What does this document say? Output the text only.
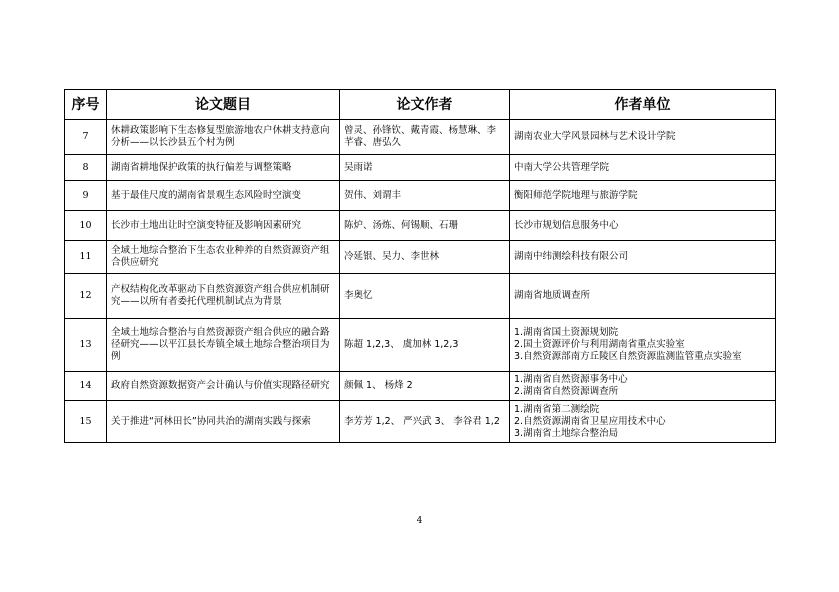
序号	论文题目	论文作者	作者单位
7	休耕政策影响下生态修复型旅游地农户休耕支持意向分析——以长沙县五个村为例	曾灵、孙锋钦、戴青霞、杨慧琳、李芊睿、唐弘久	湖南农业大学风景园林与艺术设计学院

8	湖南省耕地保护政策的执行偏差与调整策略	吴雨诺	中南大学公共管理学院

9	基于最佳尺度的湖南省景观生态风险时空演变	贺伟、刘谓丰	衡阳师范学院地理与旅游学院

10	长沙市土地出让时空演变特征及影响因素研究	陈炉、汤炼、何锡顺、石珊	长沙市规划信息服务中心

11	全域土地综合整治下生态农业种养的自然资源资产组合供应研究	冷延银、吴力、李世林	湖南中纬测绘科技有限公司

12	产权结构化改革驱动下自然资源资产组合供应机制研究——以所有者委托代理机制试点为背景	李奥忆	湖南省地质调查所

13	全域土地综合整治与自然资源资产组合供应的融合路径研究——以平江县长寿镇全域土地综合整治项目为例	陈超 1,2,3、 虞加林 1,2,3	1.湖南省国土资源规划院
2.国土资源评价与利用湖南省重点实验室
3.自然资源部南方丘陵区自然资源监测监管重点实验室

14	政府自然资源数据资产会计确认与价值实现路径研究	颜佩 1、 杨烽 2	1.湖南省自然资源事务中心
2.湖南省自然资源调查所

15	关于推进“河林田长”协同共治的湖南实践与探索	李芳芳 1,2、 严兴武 3、 李谷君 1,2	1.湖南省第二测绘院
2.自然资源湖南省卫星应用技术中心
3.湖南省土地综合整治局
4
